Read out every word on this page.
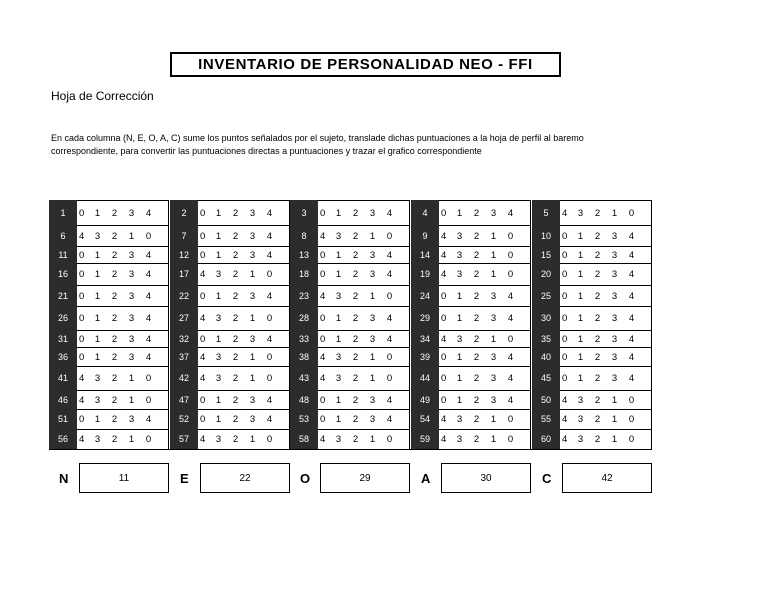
INVENTARIO DE PERSONALIDAD NEO - FFI
Hoja de Corrección
En cada columna (N, E, O, A, C) sume los puntos señalados por el sujeto, translade dichas puntuaciones a la hoja de perfil al baremo
correspondiente, para convertir las puntuaciones directas a puntuaciones y trazar el grafico correspondiente
1	0	1	2	3	4	2	0	1	2	3	4	3	0	1	2	3	4	4	0	1	2	3	4	5	4	3	2	1	0
6	4	3	2	1	0	7	0	1	2	3	4	8	4	3	2	1	0	9	4	3	2	1	0	10	0	1	2	3	4
11	0	1	2	3	4	12	0	1	2	3	4	13	0	1	2	3	4	14	4	3	2	1	0	15	0	1	2	3	4
16	0	1	2	3	4	17	4	3	2	1	0	18	0	1	2	3	4	19	4	3	2	1	0	20	0	1	2	3	4
21	0	1	2	3	4	22	0	1	2	3	4	23	4	3	2	1	0	24	0	1	2	3	4	25	0	1	2	3	4
26	0	1	2	3	4	27	4	3	2	1	0	28	0	1	2	3	4	29	0	1	2	3	4	30	0	1	2	3	4
31	0	1	2	3	4	32	0	1	2	3	4	33	0	1	2	3	4	34	4	3	2	1	0	35	0	1	2	3	4
36	0	1	2	3	4	37	4	3	2	1	0	38	4	3	2	1	0	39	0	1	2	3	4	40	0	1	2	3	4
41	4	3	2	1	0	42	4	3	2	1	0	43	4	3	2	1	0	44	0	1	2	3	4	45	0	1	2	3	4
46	4	3	2	1	0	47	0	1	2	3	4	48	0	1	2	3	4	49	0	1	2	3	4	50	4	3	2	1	0
51	0	1	2	3	4	52	0	1	2	3	4	53	0	1	2	3	4	54	4	3	2	1	0	55	4	3	2	1	0
56	4	3	2	1	0	57	4	3	2	1	0	58	4	3	2	1	0	59	4	3	2	1	0	60	4	3	2	1	0
N	11	E	22	O	29	A	30	C	42
